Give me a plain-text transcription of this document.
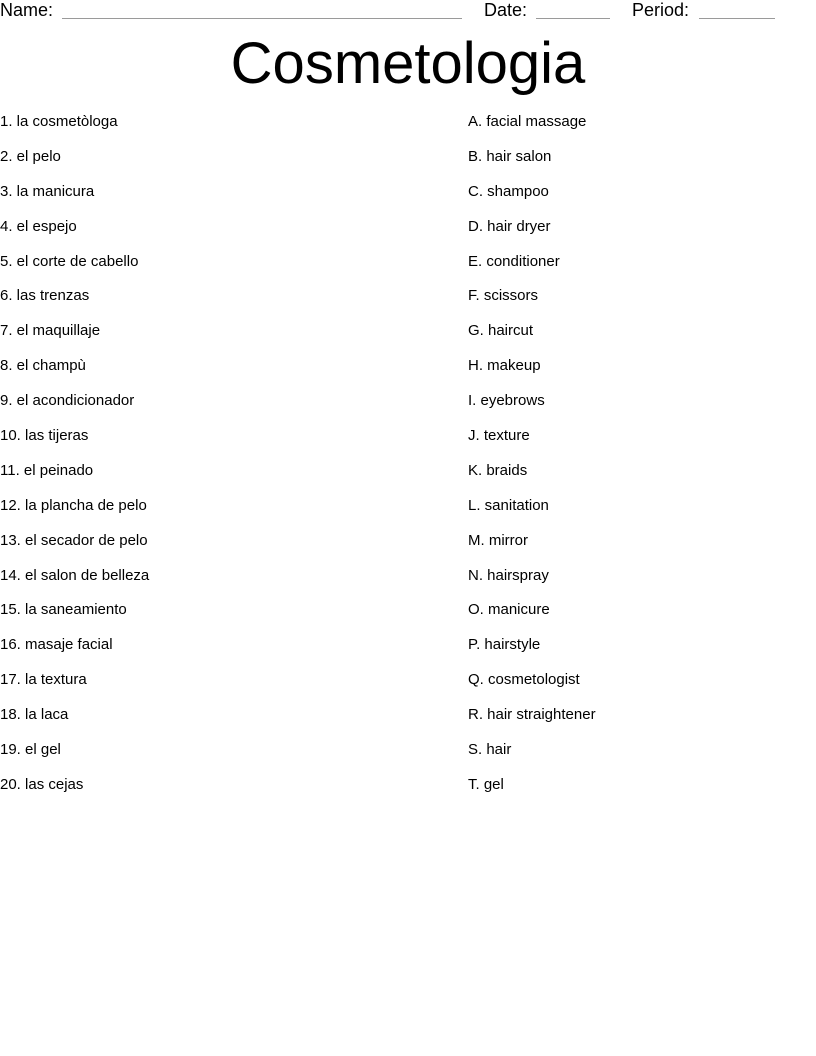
Name:	Date:	Period:
Cosmetologia
1. la cosmetòloga
2. el pelo
3. la manicura
4. el espejo
5. el corte de cabello
6. las trenzas
7. el maquillaje
8. el champù
9. el acondicionador
10. las tijeras
11. el peinado
12. la plancha de pelo
13. el secador de pelo
14. el salon de belleza
15. la saneamiento
16. masaje facial
17. la textura
18. la laca
19. el gel
20. las cejas
A. facial massage
B. hair salon
C. shampoo
D. hair dryer
E. conditioner
F. scissors
G. haircut
H. makeup
I. eyebrows
J. texture
K. braids
L. sanitation
M. mirror
N. hairspray
O. manicure
P. hairstyle
Q. cosmetologist
R. hair straightener
S. hair
T. gel
